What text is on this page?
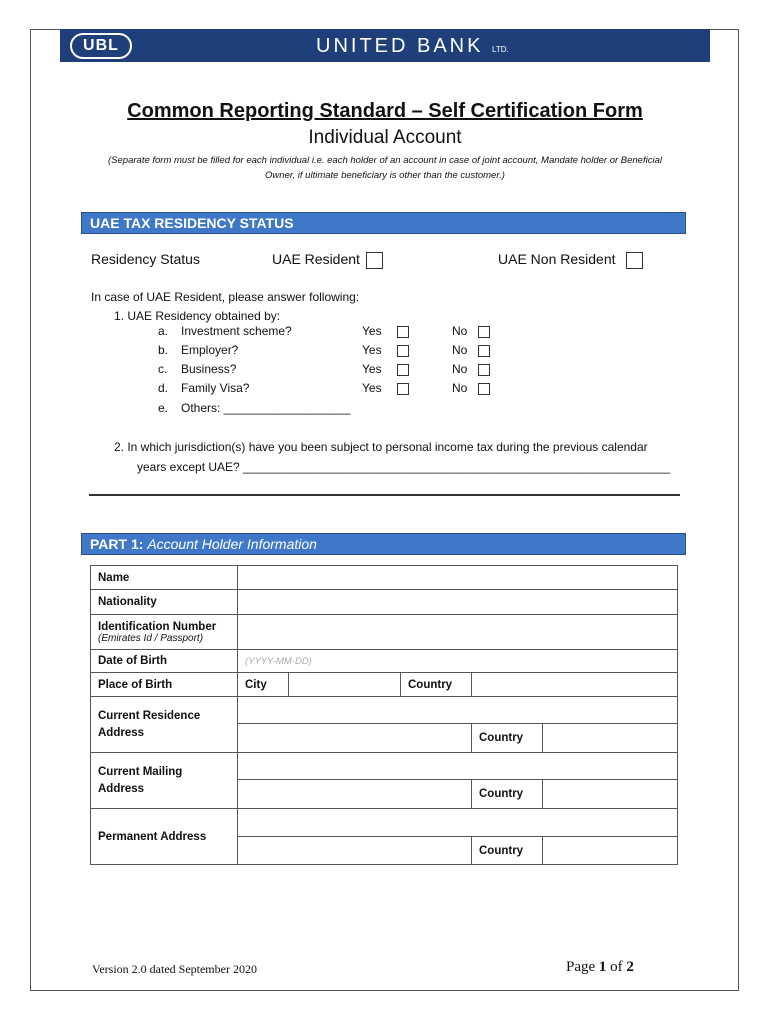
UBL	UNITED BANK LTD.
Common Reporting Standard – Self Certification Form
Individual Account
(Separate form must be filled for each individual i.e. each holder of an account in case of joint account, Mandate holder or Beneficial
Owner, if ultimate beneficiary is other than the customer.)
UAE TAX RESIDENCY STATUS
Residency Status	UAE Resident	UAE Non Resident
In case of UAE Resident, please answer following:
1. UAE Residency obtained by:
a. Investment scheme?	Yes	No
b. Employer?	Yes	No
c. Business?	Yes	No
d. Family Visa?	Yes	No
e. Others: ___________________
2. In which jurisdiction(s) have you been subject to personal income tax during the previous calendar
years except UAE? ________________________________________________________________
PART 1: Account Holder Information
Name					
Nationality					

Identification Number
(Emirates Id / Passport)					

Date of Birth	(YYYY-MM-DD)				
Place of Birth	City		Country		

Current Residence
Address					

				Country	

Current Mailing
Address					

				Country	
Permanent Address					
				Country	
Version 2.0 dated September 2020	Page 1 of 2
